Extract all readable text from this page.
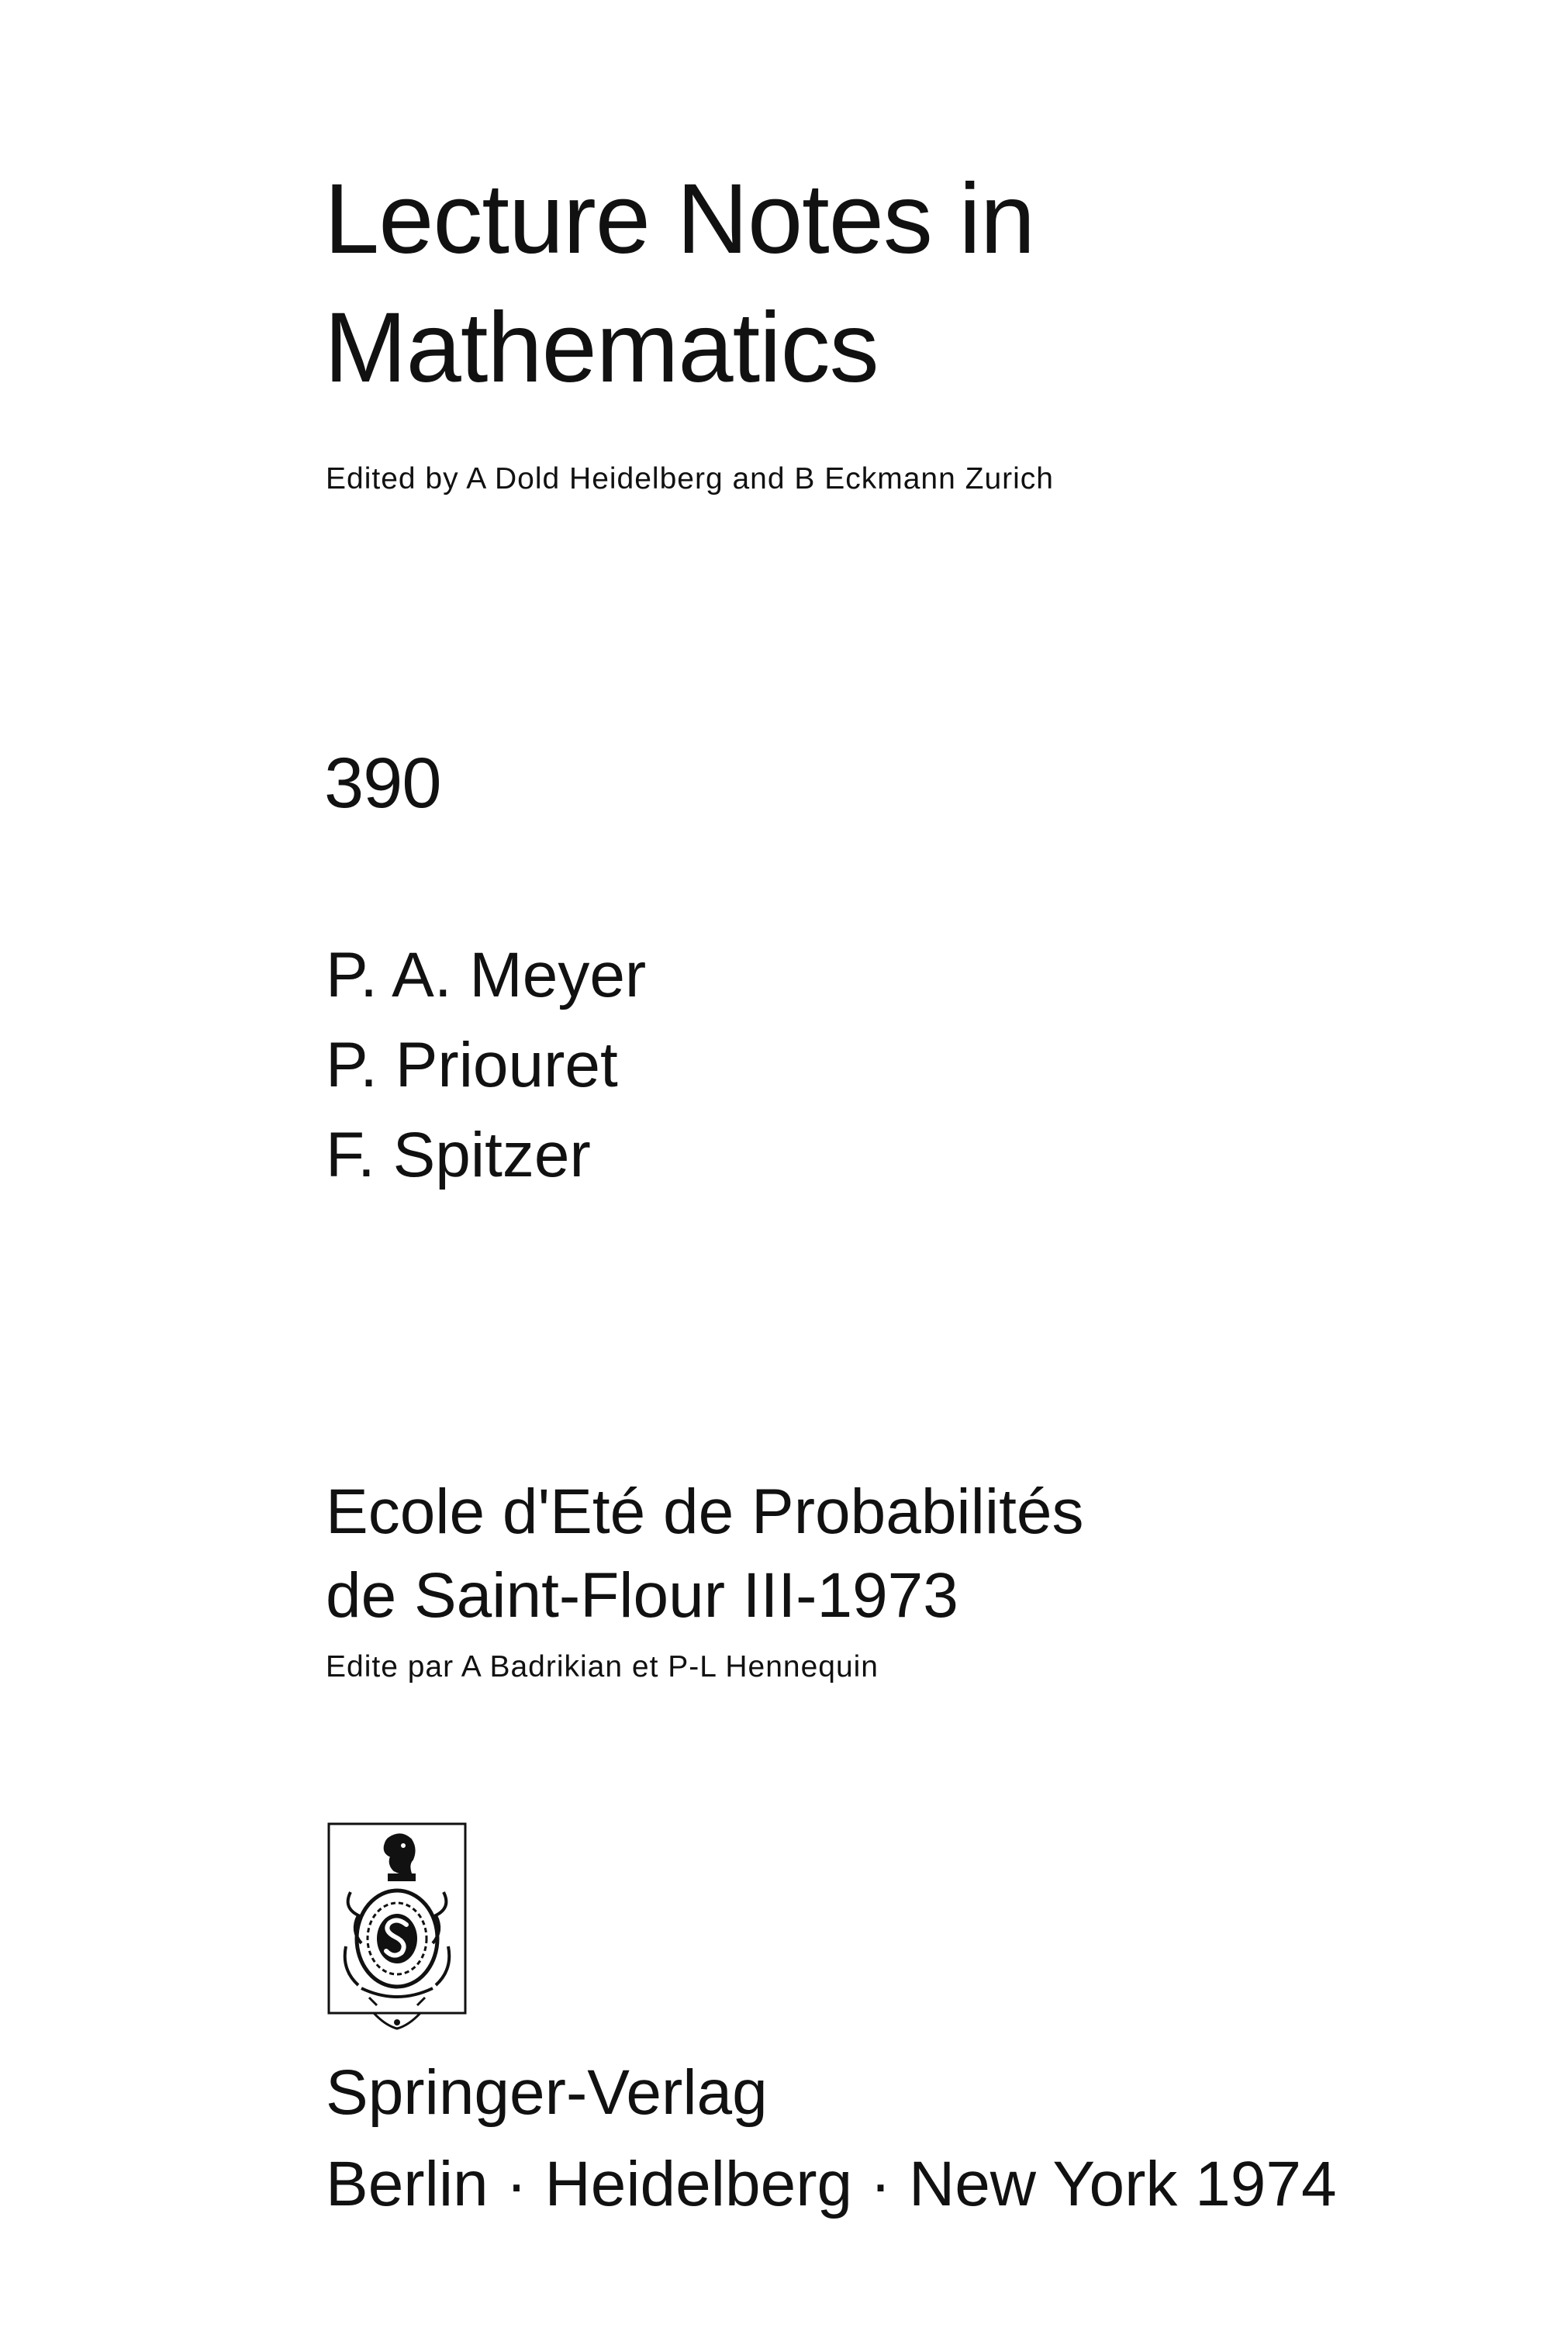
Lecture Notes in
Mathematics
Edited by A Dold Heidelberg and B Eckmann Zurich
390
P. A. Meyer
P. Priouret
F. Spitzer
Ecole d'Eté de Probabilités
de Saint-Flour III-1973
Edite par A Badrikian et P-L Hennequin
Springer-Verlag
Berlin · Heidelberg · New York 1974
